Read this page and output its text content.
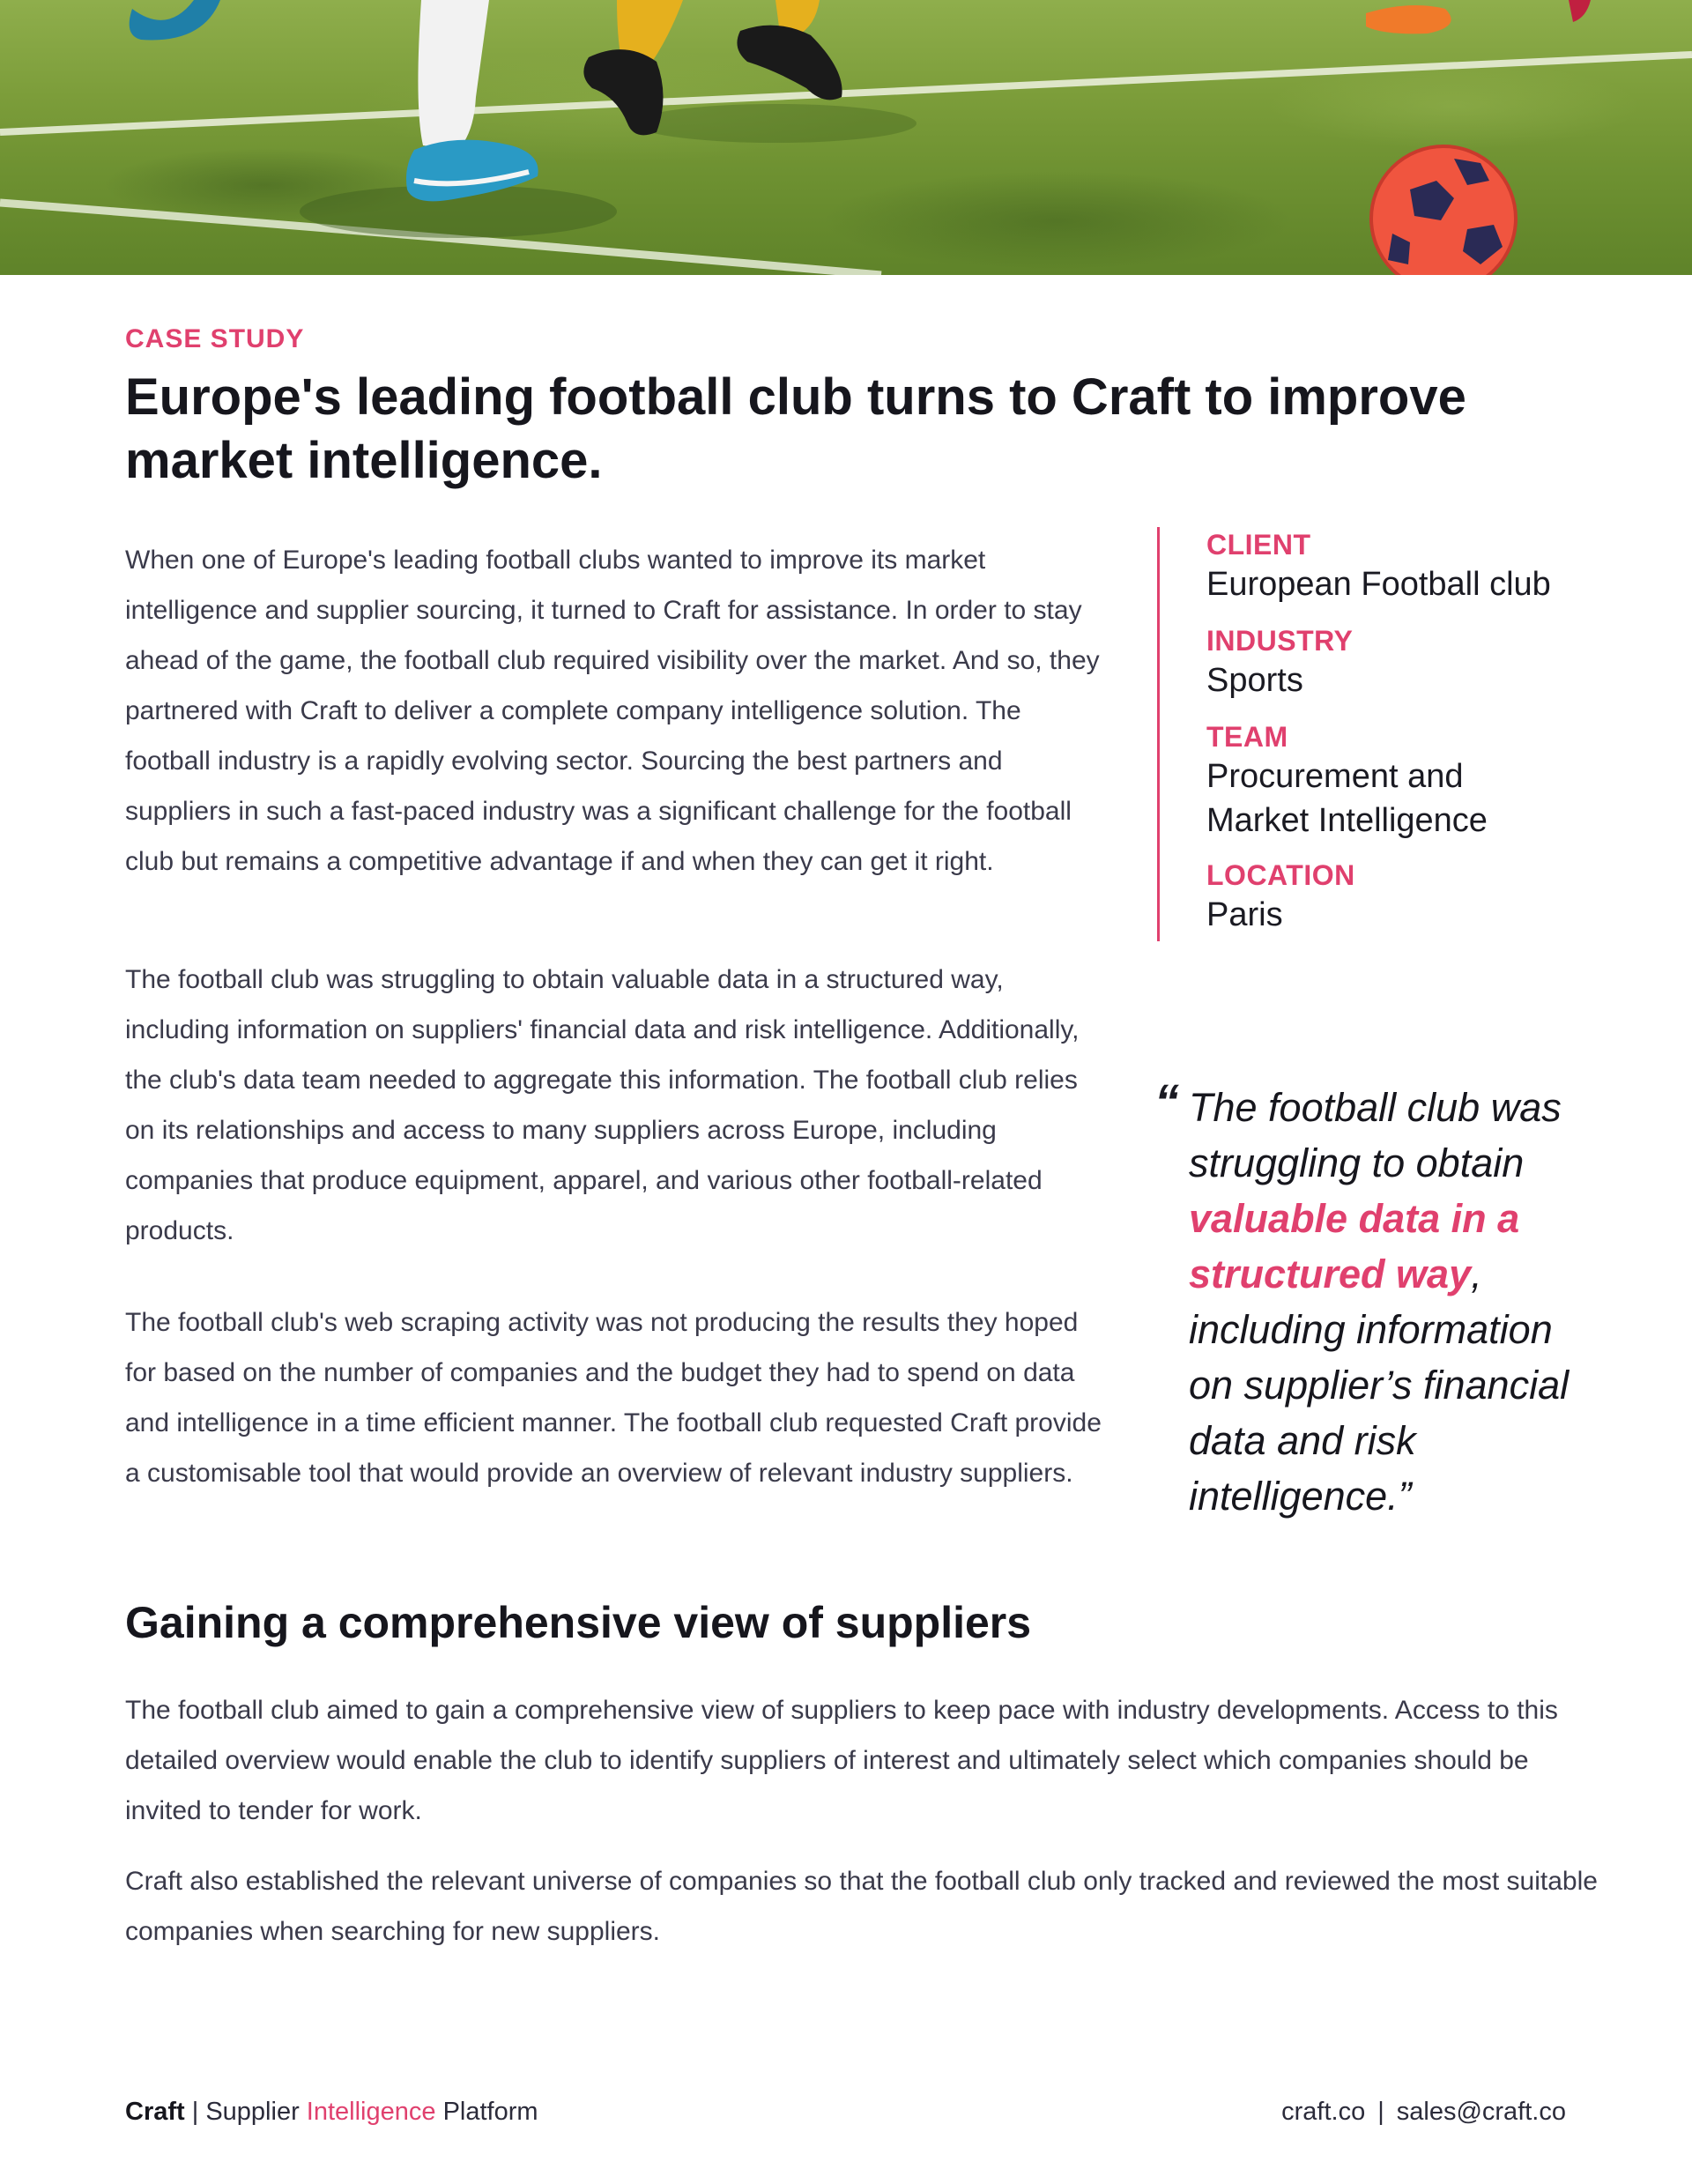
CASE STUDY
Europe's leading football club turns to Craft to improve market intelligence.

When one of Europe's leading football clubs wanted to improve its market intelligence and supplier sourcing, it turned to Craft for assistance. In order to stay ahead of the game, the football club required visibility over the market. And so, they partnered with Craft to deliver a complete company intelligence solution. The football industry is a rapidly evolving sector. Sourcing the best partners and suppliers in such a fast-paced industry was a significant challenge for the football club but remains a competitive advantage if and when they can get it right.

The football club was struggling to obtain valuable data in a structured way, including information on suppliers' financial data and risk intelligence. Additionally, the club's data team needed to aggregate this information. The football club relies on its relationships and access to many suppliers across Europe, including companies that produce equipment, apparel, and various other football-related products.

The football club's web scraping activity was not producing the results they hoped for based on the number of companies and the budget they had to spend on data and intelligence in a time efficient manner. The football club requested Craft provide a customisable tool that would provide an overview of relevant industry suppliers.

CLIENT
European Football club
INDUSTRY
Sports
TEAM
Procurement and
Market Intelligence
LOCATION
Paris
“ The football club was struggling to obtain valuable data in a structured way, including information on supplier’s financial data and risk intelligence.”
Gaining a comprehensive view of suppliers

The football club aimed to gain a comprehensive view of suppliers to keep pace with industry developments. Access to this detailed overview would enable the club to identify suppliers of interest and ultimately select which companies should be invited to tender for work.

Craft also established the relevant universe of companies so that the football club only tracked and reviewed the most suitable companies when searching for new suppliers.

Craft | Supplier Intelligence Platform	craft.co | sales@craft.co
